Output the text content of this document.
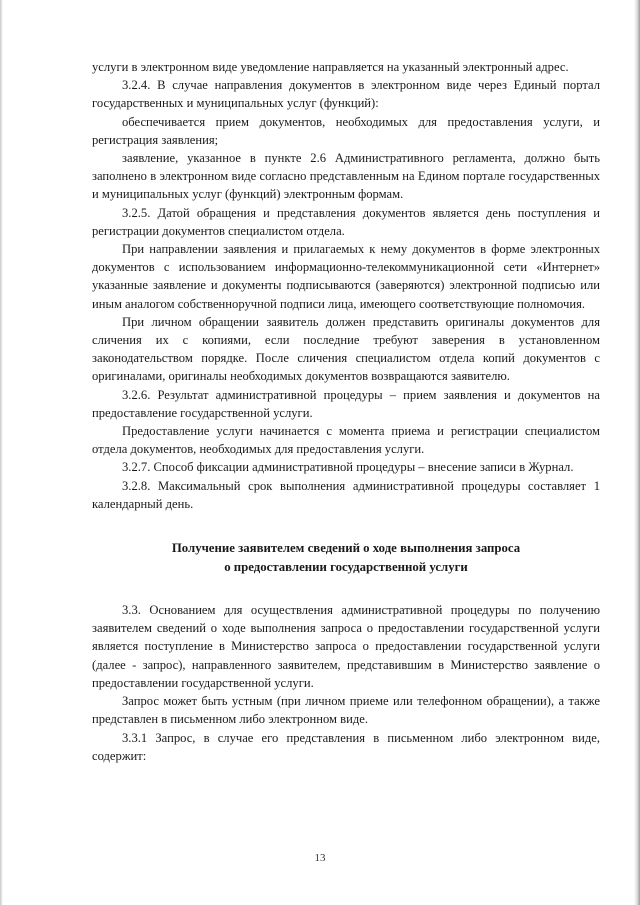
услуги в электронном виде уведомление направляется на указанный электронный адрес.

3.2.4. В случае направления документов в электронном виде через Единый портал государственных и муниципальных услуг (функций):

обеспечивается прием документов, необходимых для предоставления услуги, и регистрация заявления;

заявление, указанное в пункте 2.6 Административного регламента, должно быть заполнено в электронном виде согласно представленным на Едином портале государственных и муниципальных услуг (функций) электронным формам.

3.2.5. Датой обращения и представления документов является день поступления и регистрации документов специалистом отдела.

При направлении заявления и прилагаемых к нему документов в форме электронных документов с использованием информационно-телекоммуникационной сети «Интернет» указанные заявление и документы подписываются (заверяются) электронной подписью или иным аналогом собственноручной подписи лица, имеющего соответствующие полномочия.

При личном обращении заявитель должен представить оригиналы документов для сличения их с копиями, если последние требуют заверения в установленном законодательством порядке. После сличения специалистом отдела копий документов с оригиналами, оригиналы необходимых документов возвращаются заявителю.

3.2.6. Результат административной процедуры – прием заявления и документов на предоставление государственной услуги.

Предоставление услуги начинается с момента приема и регистрации специалистом отдела документов, необходимых для предоставления услуги.

3.2.7. Способ фиксации административной процедуры – внесение записи в Журнал.

3.2.8. Максимальный срок выполнения административной процедуры составляет 1 календарный день.

Получение заявителем сведений о ходе выполнения запроса
о предоставлении государственной услуги

3.3. Основанием для осуществления административной процедуры по получению заявителем сведений о ходе выполнения запроса о предоставлении государственной услуги является поступление в Министерство запроса о предоставлении государственной услуги (далее - запрос), направленного заявителем, представившим в Министерство заявление о предоставлении государственной услуги.

Запрос может быть устным (при личном приеме или телефонном обращении), а также представлен в письменном либо электронном виде.

3.3.1 Запрос, в случае его представления в письменном либо электронном виде, содержит:

13
